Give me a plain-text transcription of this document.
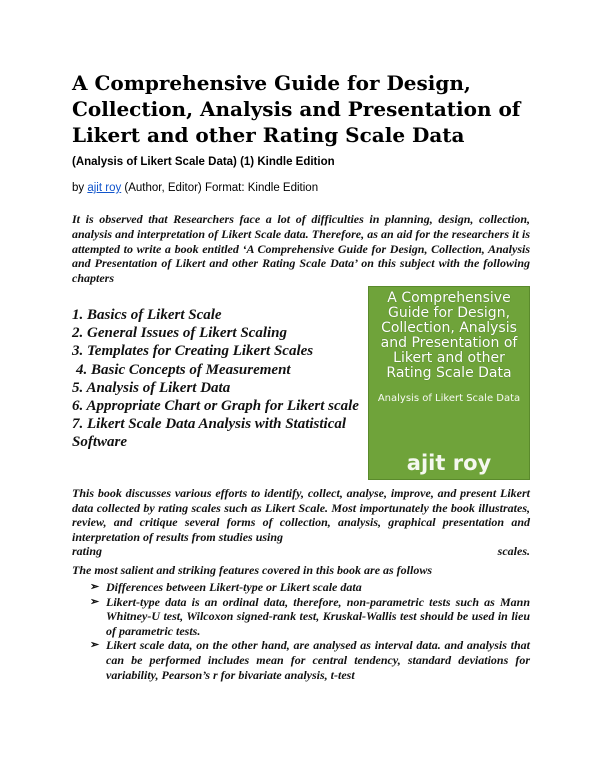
A Comprehensive Guide for Design, Collection, Analysis and Presentation of Likert and other Rating Scale Data
(Analysis of Likert Scale Data) (1) Kindle Edition
by ajit roy (Author, Editor) Format: Kindle Edition

It is observed that Researchers face a lot of difficulties in planning, design, collection, analysis and interpretation of Likert Scale data. Therefore, as an aid for the researchers it is attempted to write a book entitled ‘A Comprehensive Guide for Design, Collection, Analysis and Presentation of Likert and other Rating Scale Data’ on this subject with the following chapters

1. Basics of Likert Scale
2. General Issues of Likert Scaling
3. Templates for Creating Likert Scales
4. Basic Concepts of Measurement
5. Analysis of Likert Data
6. Appropriate Chart or Graph for Likert scale
7. Likert Scale Data Analysis with Statistical Software
A Comprehensive Guide for Design, Collection, Analysis and Presentation of Likert and other Rating Scale Data
Analysis of Likert Scale Data
ajit roy
This book discusses various efforts to identify, collect, analyse, improve, and present Likert data collected by rating scales such as Likert Scale. Most importunately the book illustrates, review, and critique several forms of collection, analysis, graphical presentation and interpretation of results from studies using
rating	scales.

The most salient and striking features covered in this book are as follows

➢ Differences between Likert-type or Likert scale data
➢ Likert-type data is an ordinal data, therefore, non-parametric tests such as Mann Whitney-U test, Wilcoxon signed-rank test, Kruskal-Wallis test should be used in lieu of parametric tests.
➢ Likert scale data, on the other hand, are analysed as interval data. and analysis that can be performed includes mean for central tendency, standard deviations for variability, Pearson’s r for bivariate analysis, t-test
